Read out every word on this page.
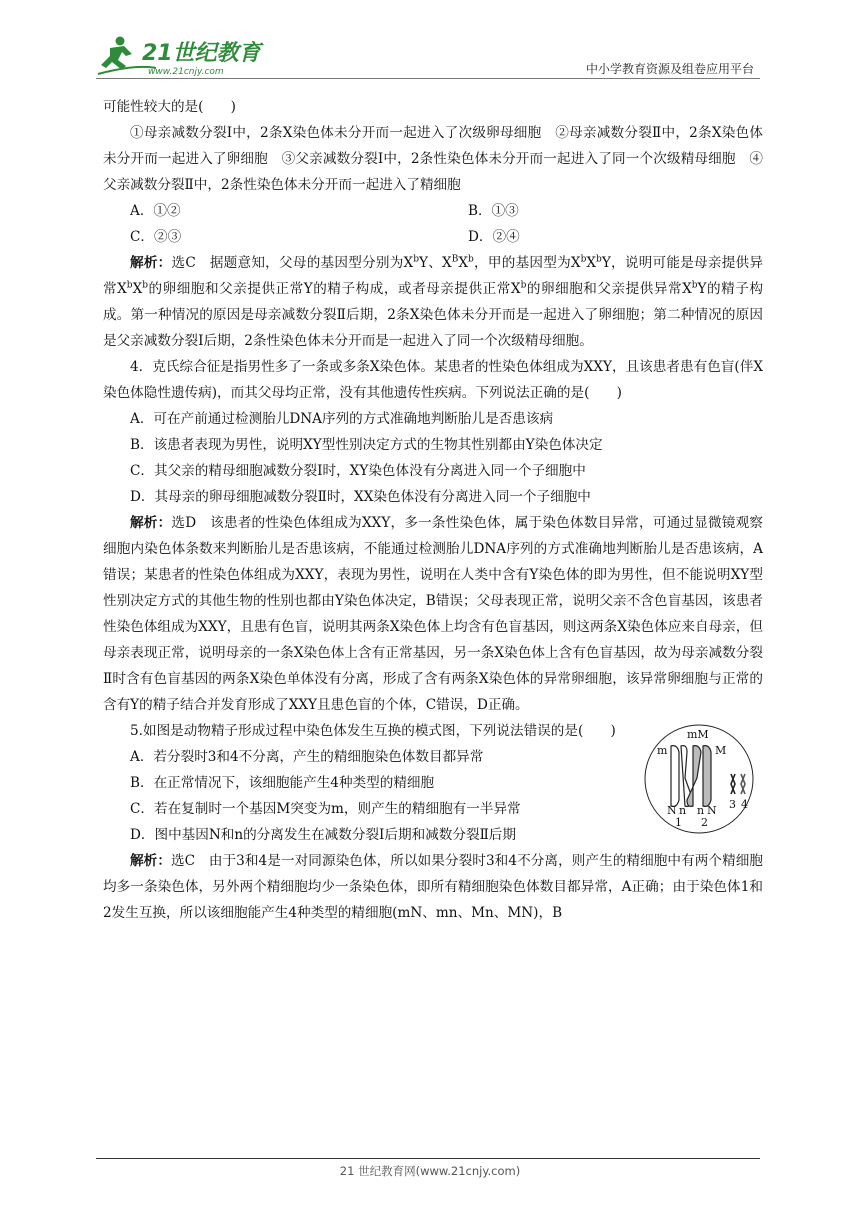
21世纪教育
www.21cnjy.com	中小学教育资源及组卷应用平台

可能性较大的是(　　)

①母亲减数分裂Ⅰ中，2条X染色体未分开而一起进入了次级卵母细胞　②母亲减数分裂Ⅱ中，2条X染色体未分开而一起进入了卵细胞　③父亲减数分裂Ⅰ中，2条性染色体未分开而一起进入了同一个次级精母细胞　④父亲减数分裂Ⅱ中，2条性染色体未分开而一起进入了精细胞

A．①②	B．①③
C．②③	D．②④

解析：选C　据题意知，父母的基因型分别为$X^bY$、$X^BX^b$，甲的基因型为$X^bX^bY$，说明可能是母亲提供异常$X^bX^b$的卵细胞和父亲提供正常Y的精子构成，或者母亲提供正常$X^b$的卵细胞和父亲提供异常$X^bY$的精子构成。第一种情况的原因是母亲减数分裂Ⅱ后期，2条X染色体未分开而是一起进入了卵细胞；第二种情况的原因是父亲减数分裂Ⅰ后期，2条性染色体未分开而是一起进入了同一个次级精母细胞。

4．克氏综合征是指男性多了一条或多条X染色体。某患者的性染色体组成为XXY，且该患者患有色盲(伴X染色体隐性遗传病)，而其父母均正常，没有其他遗传性疾病。下列说法正确的是(　　)

A．可在产前通过检测胎儿DNA序列的方式准确地判断胎儿是否患该病

B．该患者表现为男性，说明XY型性别决定方式的生物其性别都由Y染色体决定

C．其父亲的精母细胞减数分裂Ⅰ时，XY染色体没有分离进入同一个子细胞中

D．其母亲的卵母细胞减数分裂Ⅱ时，XX染色体没有分离进入同一个子细胞中

解析：选D　该患者的性染色体组成为XXY，多一条性染色体，属于染色体数目异常，可通过显微镜观察细胞内染色体条数来判断胎儿是否患该病，不能通过检测胎儿DNA序列的方式准确地判断胎儿是否患该病，A错误；某患者的性染色体组成为XXY，表现为男性，说明在人类中含有Y染色体的即为男性，但不能说明XY型性别决定方式的其他生物的性别也都由Y染色体决定，B错误；父母表现正常，说明父亲不含色盲基因，该患者性染色体组成为XXY，且患有色盲，说明其两条X染色体上均含有色盲基因，则这两条X染色体应来自母亲，但母亲表现正常，说明母亲的一条X染色体上含有正常基因，另一条X染色体上含有色盲基因，故为母亲减数分裂Ⅱ时含有色盲基因的两条X染色单体没有分离，形成了含有两条X染色体的异常卵细胞，该异常卵细胞与正常的含有Y的精子结合并发育形成了XXY且患色盲的个体，C错误，D正确。

5.如图是动物精子形成过程中染色体发生互换的模式图，下列说法错误的是(　　)

A．若分裂时3和4不分离，产生的精细胞染色体数目都异常

B．在正常情况下，该细胞能产生4种类型的精细胞

C．若在复制时一个基因M突变为m，则产生的精细胞有一半异常

D．图中基因N和n的分离发生在减数分裂Ⅰ后期和减数分裂Ⅱ后期

mM
m	M
N n n N
1 2
3 4

解析：选C　由于3和4是一对同源染色体，所以如果分裂时3和4不分离，则产生的精细胞中有两个精细胞均多一条染色体，另外两个精细胞均少一条染色体，即所有精细胞染色体数目都异常，A正确；由于染色体1和2发生互换，所以该细胞能产生4种类型的精细胞(mN、mn、Mn、MN)，B

21 世纪教育网(www.21cnjy.com)
